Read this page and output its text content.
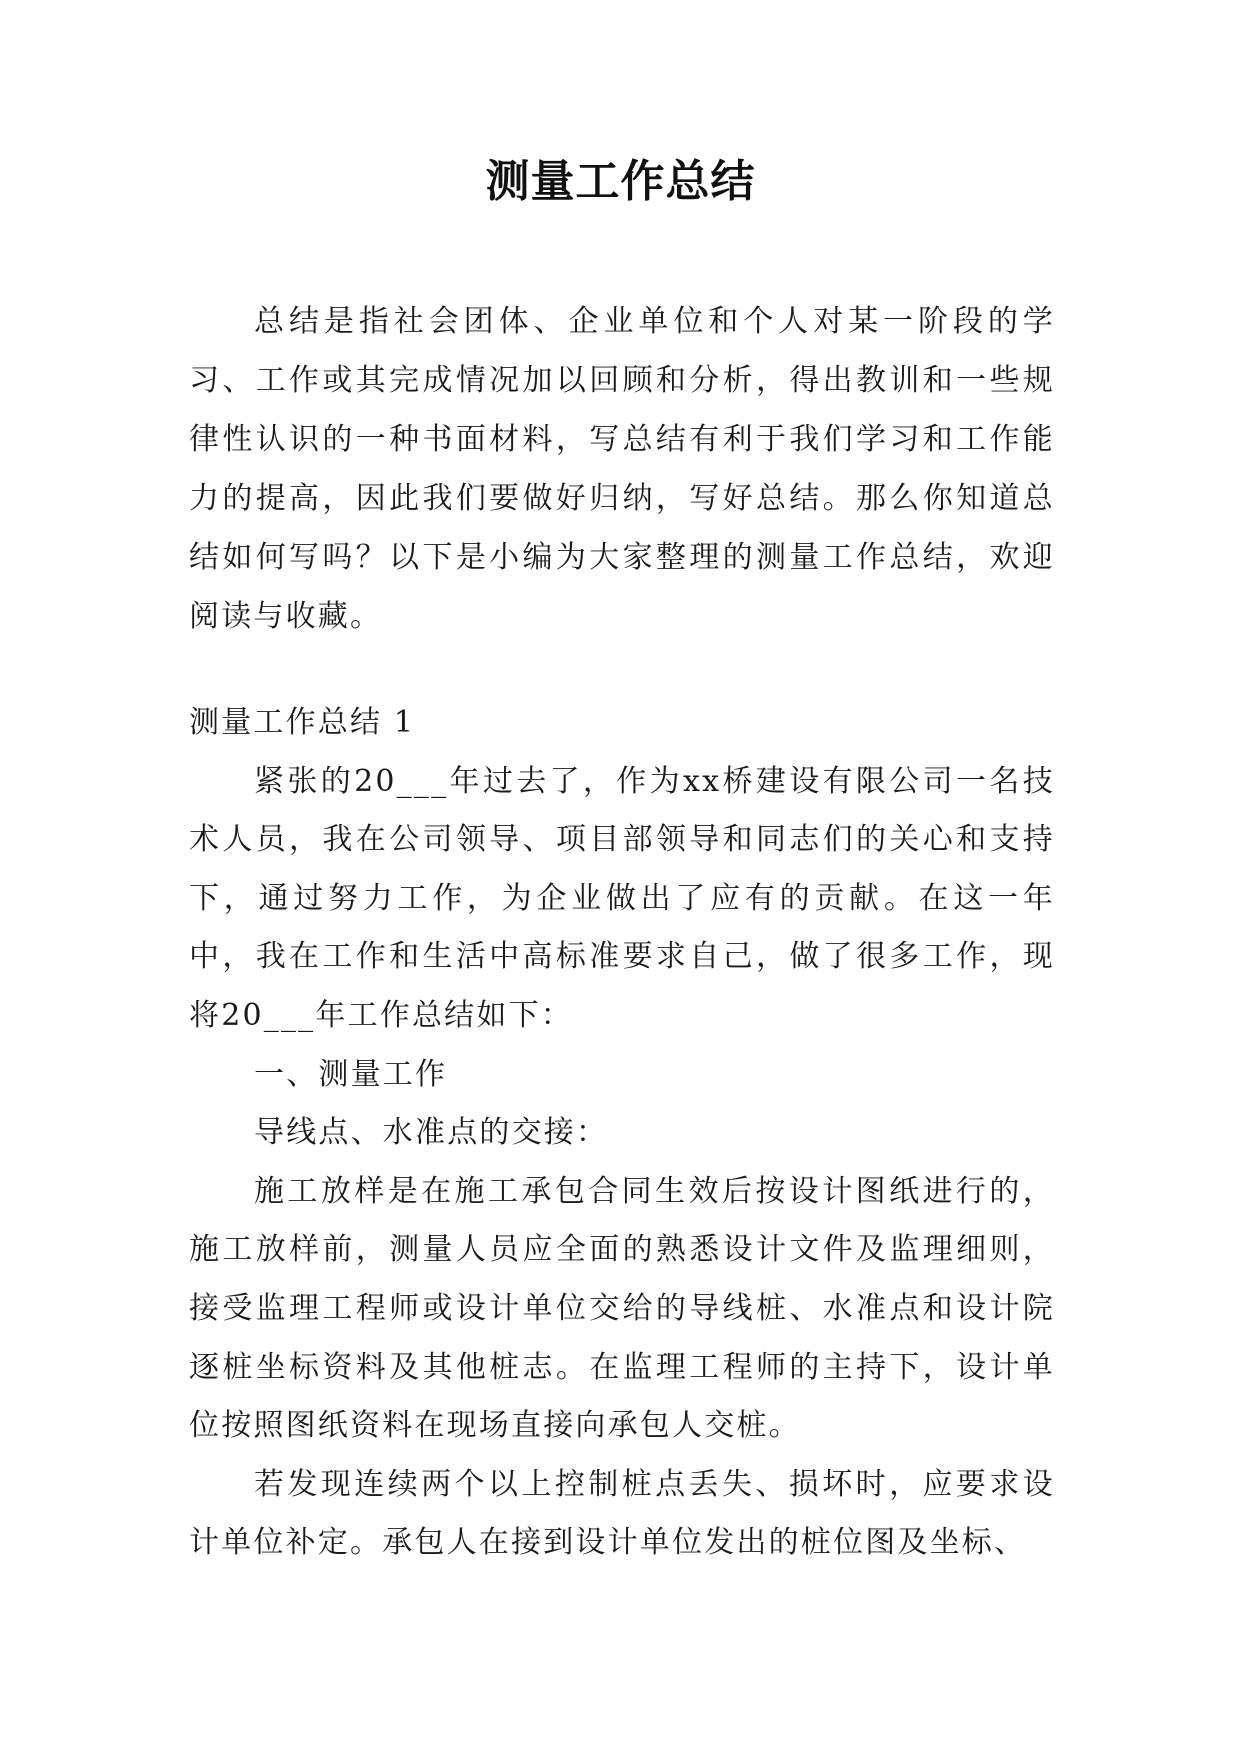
测量工作总结

总结是指社会团体、企业单位和个人对某一阶段的学习、工作或其完成情况加以回顾和分析，得出教训和一些规律性认识的一种书面材料，写总结有利于我们学习和工作能力的提高，因此我们要做好归纳，写好总结。那么你知道总结如何写吗？以下是小编为大家整理的测量工作总结，欢迎阅读与收藏。

测量工作总结 1

紧张的20___年过去了，作为xx桥建设有限公司一名技术人员，我在公司领导、项目部领导和同志们的关心和支持下，通过努力工作，为企业做出了应有的贡献。在这一年中，我在工作和生活中高标准要求自己，做了很多工作，现将20___年工作总结如下：

一、测量工作

导线点、水准点的交接：

施工放样是在施工承包合同生效后按设计图纸进行的，施工放样前，测量人员应全面的熟悉设计文件及监理细则，接受监理工程师或设计单位交给的导线桩、水准点和设计院逐桩坐标资料及其他桩志。在监理工程师的主持下，设计单位按照图纸资料在现场直接向承包人交桩。

若发现连续两个以上控制桩点丢失、损坏时，应要求设计单位补定。承包人在接到设计单位发出的桩位图及坐标、
